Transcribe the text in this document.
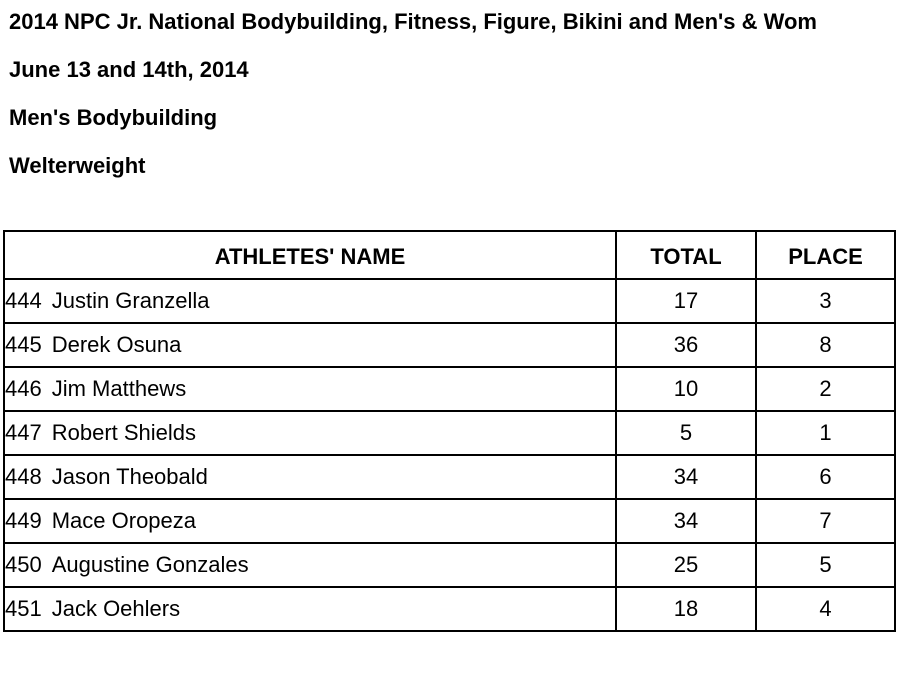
2014 NPC Jr. National Bodybuilding, Fitness, Figure, Bikini and Men's & Wom
June 13 and 14th, 2014
Men's Bodybuilding
Welterweight
ATHLETES' NAME	TOTAL	PLACE
444 Justin Granzella	17	3
445 Derek Osuna	36	8
446 Jim Matthews	10	2
447 Robert Shields	5	1
448 Jason Theobald	34	6
449 Mace Oropeza	34	7
450 Augustine Gonzales	25	5
451 Jack Oehlers	18	4
